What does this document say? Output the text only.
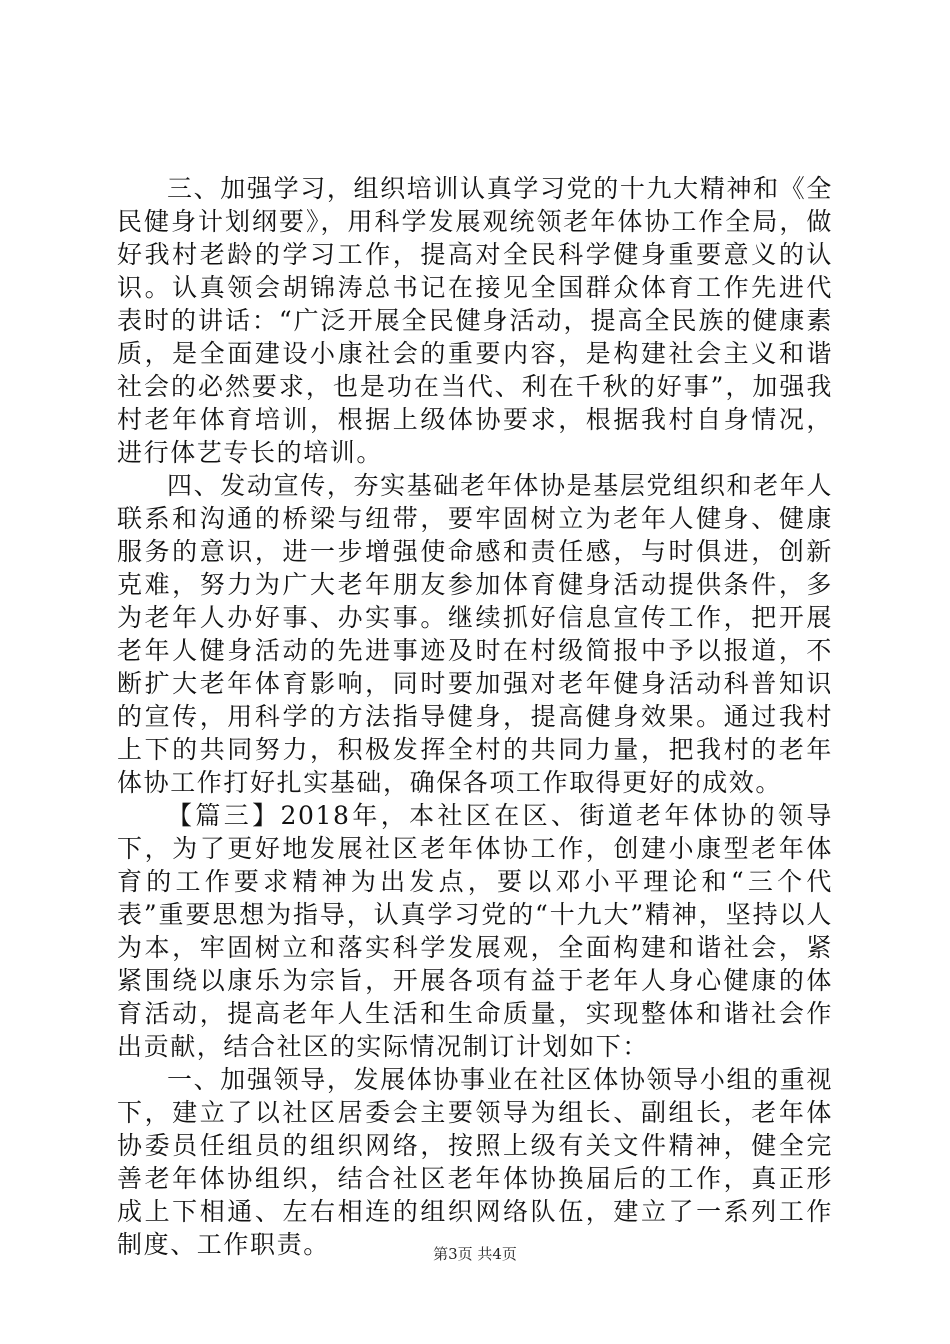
三、加强学习，组织培训认真学习党的十九大精神和《全民健身计划纲要》，用科学发展观统领老年体协工作全局，做好我村老龄的学习工作，提高对全民科学健身重要意义的认识。认真领会胡锦涛总书记在接见全国群众体育工作先进代表时的讲话：“广泛开展全民健身活动，提高全民族的健康素质，是全面建设小康社会的重要内容，是构建社会主义和谐社会的必然要求，也是功在当代、利在千秋的好事”，加强我村老年体育培训，根据上级体协要求，根据我村自身情况，进行体艺专长的培训。

四、发动宣传，夯实基础老年体协是基层党组织和老年人联系和沟通的桥梁与纽带，要牢固树立为老年人健身、健康服务的意识，进一步增强使命感和责任感，与时俱进，创新克难，努力为广大老年朋友参加体育健身活动提供条件，多为老年人办好事、办实事。继续抓好信息宣传工作，把开展老年人健身活动的先进事迹及时在村级简报中予以报道，不断扩大老年体育影响，同时要加强对老年健身活动科普知识的宣传，用科学的方法指导健身，提高健身效果。通过我村上下的共同努力，积极发挥全村的共同力量，把我村的老年体协工作打好扎实基础，确保各项工作取得更好的成效。

【篇三】2018年，本社区在区、街道老年体协的领导下，为了更好地发展社区老年体协工作，创建小康型老年体育的工作要求精神为出发点，要以邓小平理论和“三个代表”重要思想为指导，认真学习党的“十九大”精神，坚持以人为本，牢固树立和落实科学发展观，全面构建和谐社会，紧紧围绕以康乐为宗旨，开展各项有益于老年人身心健康的体育活动，提高老年人生活和生命质量，实现整体和谐社会作出贡献，结合社区的实际情况制订计划如下：

一、加强领导，发展体协事业在社区体协领导小组的重视下，建立了以社区居委会主要领导为组长、副组长，老年体协委员任组员的组织网络，按照上级有关文件精神，健全完善老年体协组织，结合社区老年体协换届后的工作，真正形成上下相通、左右相连的组织网络队伍，建立了一系列工作制度、工作职责。	第3页 共4页
